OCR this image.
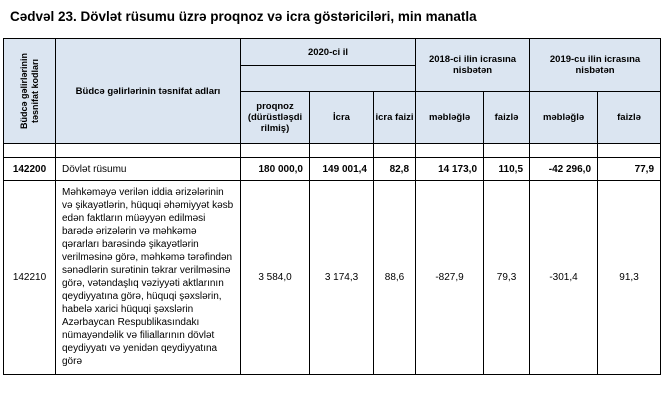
Cədvəl 23. Dövlət rüsumu üzrə proqnoz və icra göstəriciləri, min manatla
Büdcə gəlirlərinin təsnifat kodları	Büdcə gəlirlərinin təsnifat adları	2020-ci il			2018-ci ilin icrasına nisbətən		2019-cu ilin icrasına nisbətən	

		proqnoz (dürüstləşdi rilmiş)	İcra	icra faizi	məbləğlə	faizlə	məbləğlə	faizlə

142200	Dövlət rüsumu	180 000,0	149 001,4	82,8	14 173,0	110,5	-42 296,0	77,9
142210	Məhkəməyə verilən iddia ərizələrinin və şikayətlərin, hüquqi əhəmiyyət kəsb edən faktların müəyyən edilməsi barədə ərizələrin və məhkəmə qərarları barəsində şikayətlərin verilməsinə görə, məhkəmə tərəfindən sənədlərin surətinin təkrar verilməsinə görə, vətəndaşlıq vəziyyəti aktlarının qeydiyyatına görə, hüquqi şəxslərin, habelə xarici hüquqi şəxslərin Azərbaycan Respublikasındakı nümayəndəlik və filiallarının dövlət qeydiyyatı və yenidən qeydiyyatına görə	3 584,0	3 174,3	88,6	-827,9	79,3	-301,4	91,3
